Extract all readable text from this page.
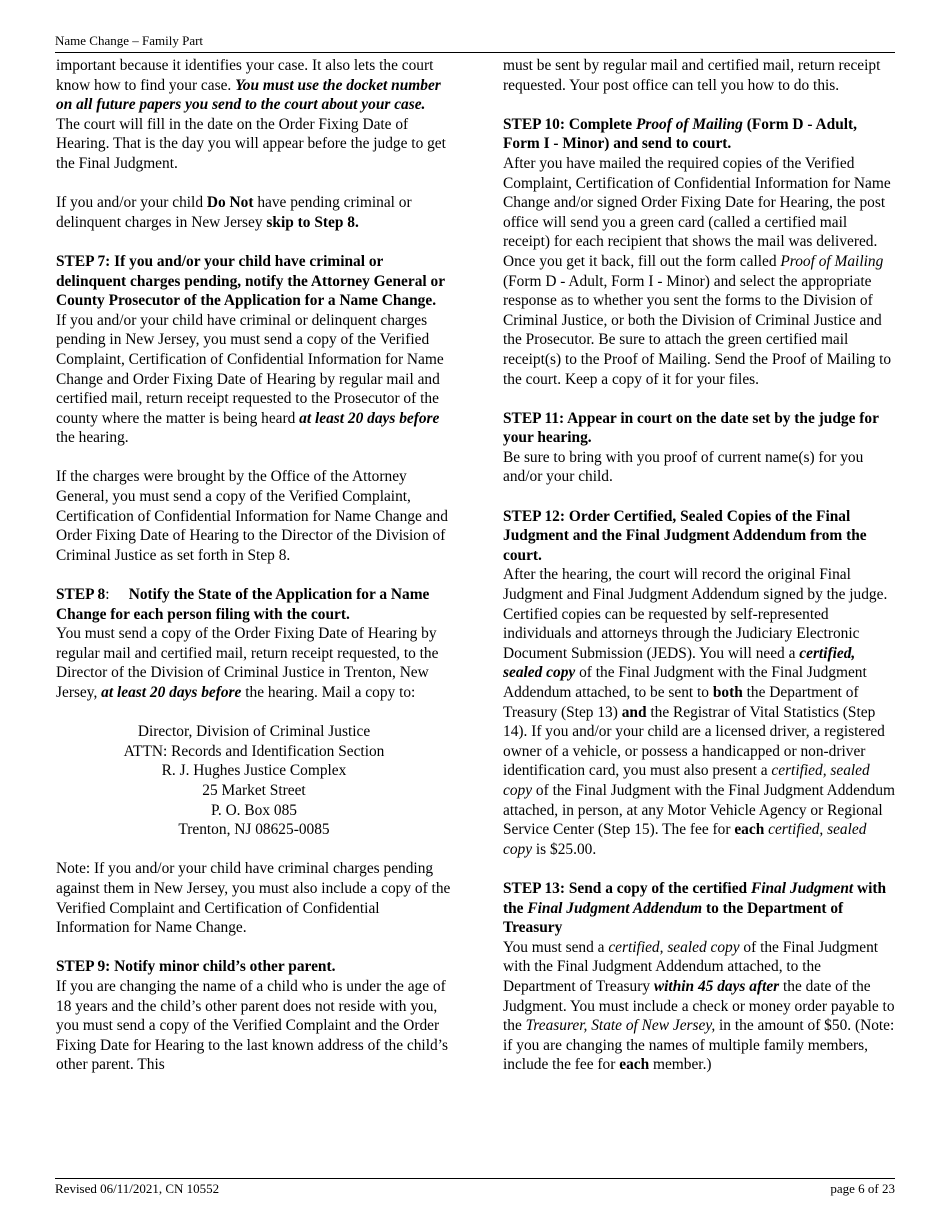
Name Change – Family Part

important because it identifies your case. It also lets the court know how to find your case. You must use the docket number on all future papers you send to the court about your case. The court will fill in the date on the Order Fixing Date of Hearing. That is the day you will appear before the judge to get the Final Judgment.

If you and/or your child Do Not have pending criminal or delinquent charges in New Jersey skip to Step 8.

STEP 7: If you and/or your child have criminal or delinquent charges pending, notify the Attorney General or County Prosecutor of the Application for a Name Change.

If you and/or your child have criminal or delinquent charges pending in New Jersey, you must send a copy of the Verified Complaint, Certification of Confidential Information for Name Change and Order Fixing Date of Hearing by regular mail and certified mail, return receipt requested to the Prosecutor of the county where the matter is being heard at least 20 days before the hearing.

If the charges were brought by the Office of the Attorney General, you must send a copy of the Verified Complaint, Certification of Confidential Information for Name Change and Order Fixing Date of Hearing to the Director of the Division of Criminal Justice as set forth in Step 8.

STEP 8:     Notify the State of the Application for a Name Change for each person filing with the court.

You must send a copy of the Order Fixing Date of Hearing by regular mail and certified mail, return receipt requested, to the Director of the Division of Criminal Justice in Trenton, New Jersey, at least 20 days before the hearing. Mail a copy to:

Director, Division of Criminal Justice
ATTN: Records and Identification Section
R. J. Hughes Justice Complex
25 Market Street
P. O. Box 085
Trenton, NJ 08625-0085

Note: If you and/or your child have criminal charges pending against them in New Jersey, you must also include a copy of the Verified Complaint and Certification of Confidential Information for Name Change.

STEP 9: Notify minor child’s other parent.

If you are changing the name of a child who is under the age of 18 years and the child’s other parent does not reside with you, you must send a copy of the Verified Complaint and the Order Fixing Date for Hearing to the last known address of the child’s other parent. This

must be sent by regular mail and certified mail, return receipt requested. Your post office can tell you how to do this.

STEP 10: Complete Proof of Mailing (Form D - Adult, Form I - Minor) and send to court.

After you have mailed the required copies of the Verified Complaint, Certification of Confidential Information for Name Change and/or signed Order Fixing Date for Hearing, the post office will send you a green card (called a certified mail receipt) for each recipient that shows the mail was delivered. Once you get it back, fill out the form called Proof of Mailing (Form D - Adult, Form I - Minor) and select the appropriate response as to whether you sent the forms to the Division of Criminal Justice, or both the Division of Criminal Justice and the Prosecutor. Be sure to attach the green certified mail receipt(s) to the Proof of Mailing. Send the Proof of Mailing to the court. Keep a copy of it for your files.

STEP 11: Appear in court on the date set by the judge for your hearing.

Be sure to bring with you proof of current name(s) for you and/or your child.

STEP 12: Order Certified, Sealed Copies of the Final Judgment and the Final Judgment Addendum from the court.

After the hearing, the court will record the original Final Judgment and Final Judgment Addendum signed by the judge. Certified copies can be requested by self-represented individuals and attorneys through the Judiciary Electronic Document Submission (JEDS). You will need a certified, sealed copy of the Final Judgment with the Final Judgment Addendum attached, to be sent to both the Department of Treasury (Step 13) and the Registrar of Vital Statistics (Step 14). If you and/or your child are a licensed driver, a registered owner of a vehicle, or possess a handicapped or non-driver identification card, you must also present a certified, sealed copy of the Final Judgment with the Final Judgment Addendum attached, in person, at any Motor Vehicle Agency or Regional Service Center (Step 15). The fee for each certified, sealed copy is $25.00.

STEP 13: Send a copy of the certified Final Judgment with the Final Judgment Addendum to the Department of Treasury

You must send a certified, sealed copy of the Final Judgment with the Final Judgment Addendum attached, to the Department of Treasury within 45 days after the date of the Judgment. You must include a check or money order payable to the Treasurer, State of New Jersey, in the amount of $50. (Note: if you are changing the names of multiple family members, include the fee for each member.)

Revised 06/11/2021, CN 10552	page 6 of 23
